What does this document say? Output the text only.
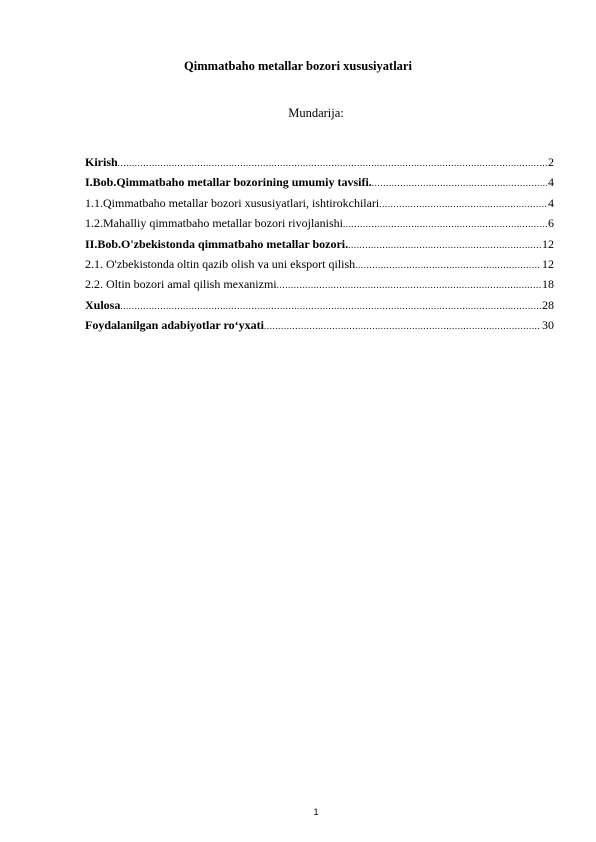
Qimmatbaho metallar bozori xususiyatlari
Mundarija:
Kirish .....	2
I.Bob.Qimmatbaho metallar bozorining umumiy tavsifi. .....	4
1.1.Qimmatbaho metallar bozori xususiyatlari, ishtirokchilari .....	4
1.2.Mahalliy qimmatbaho metallar bozori rivojlanishi .....	6
II.Bob.O'zbekistonda qimmatbaho metallar bozori. .....	12
2.1. O'zbekistonda oltin qazib olish va uni eksport qilish .....	12
2.2. Oltin bozori amal qilish mexanizmi .....	18
Xulosa .....	28
Foydalanilgan adabiyotlar ro‘yxati .....	30
1
